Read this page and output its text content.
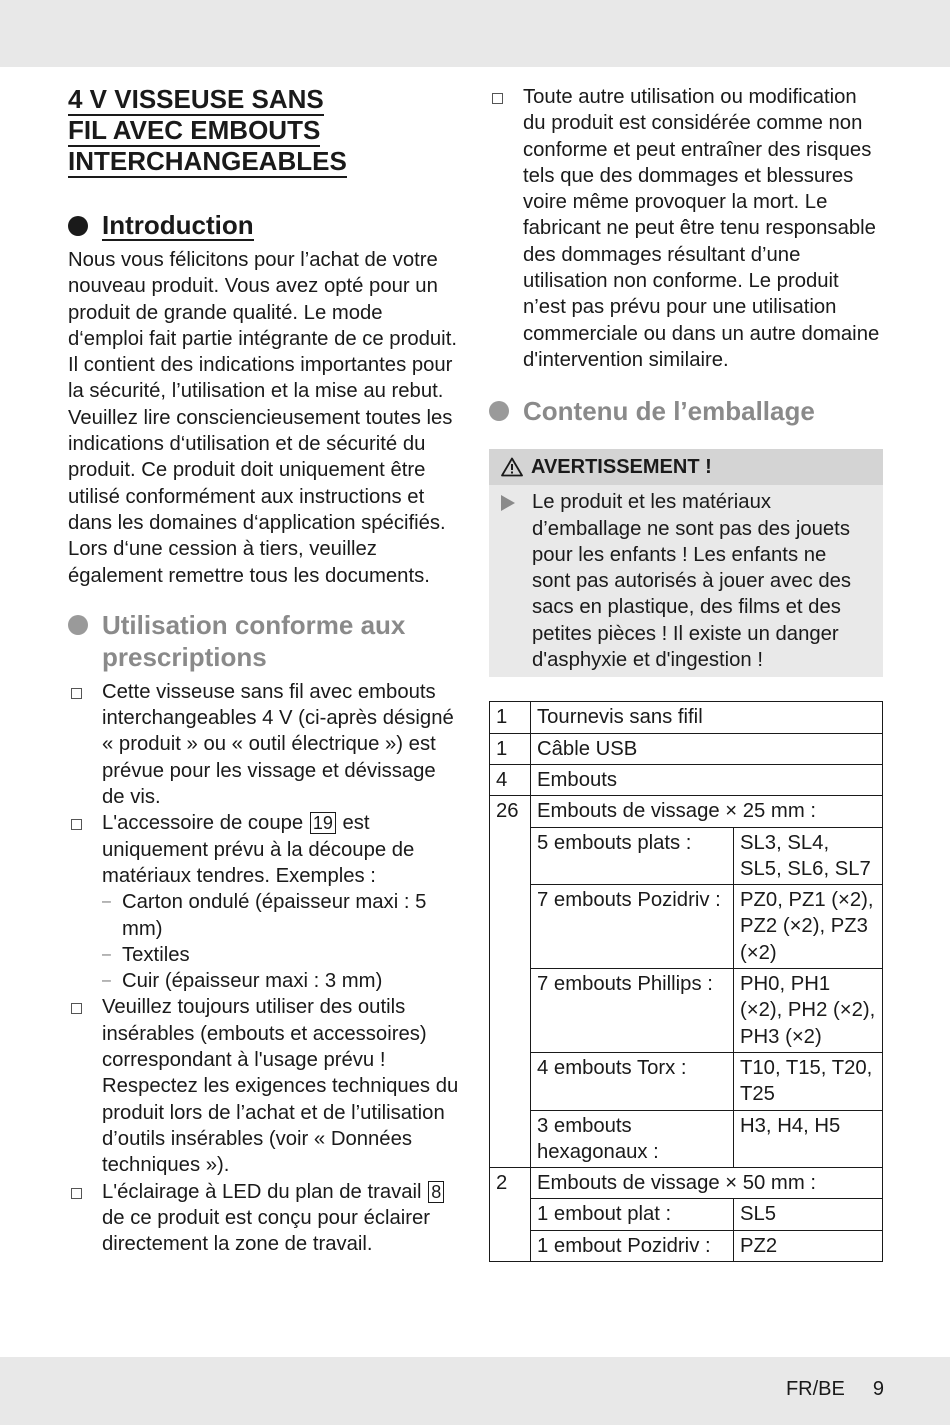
4 V VISSEUSE SANS
FIL AVEC EMBOUTS
INTERCHANGEABLES
Introduction

Nous vous félicitons pour l’achat de votre nouveau produit. Vous avez opté pour un produit de grande qualité. Le mode d‘emploi fait partie intégrante de ce produit. Il contient des indications importantes pour la sécurité, l’utilisation et la mise au rebut. Veuillez lire consciencieusement toutes les indications d‘utilisation et de sécurité du produit. Ce produit doit uniquement être utilisé conformément aux instructions et dans les domaines d‘application spécifiés. Lors d‘une cession à tiers, veuillez également remettre tous les documents.

Utilisation conforme aux
prescriptions
Cette visseuse sans fil avec embouts interchangeables 4 V (ci-après désigné « produit » ou « outil électrique ») est prévue pour les vissage et dévissage de vis.
L'accessoire de coupe 19 est uniquement prévu à la découpe de matériaux tendres. Exemples :
– Carton ondulé (épaisseur maxi : 5 mm)
– Textiles
– Cuir (épaisseur maxi : 3 mm)
Veuillez toujours utiliser des outils insérables (embouts et accessoires) correspondant à l'usage prévu ! Respectez les exigences techniques du produit lors de l’achat et de l’utilisation d’outils insérables (voir « Données techniques »).
L'éclairage à LED du plan de travail 8 de ce produit est conçu pour éclairer directement la zone de travail.
Toute autre utilisation ou modification du produit est considérée comme non conforme et peut entraîner des risques tels que des dommages et blessures voire même provoquer la mort. Le fabricant ne peut être tenu responsable des dommages résultant d’une utilisation non conforme. Le produit n’est pas prévu pour une utilisation commerciale ou dans un autre domaine d'intervention similaire.
Contenu de l’emballage
AVERTISSEMENT !
Le produit et les matériaux d’emballage ne sont pas des jouets pour les enfants ! Les enfants ne sont pas autorisés à jouer avec des sacs en plastique, des films et des petites pièces ! Il existe un danger d'asphyxie et d'ingestion !
1	Tournevis sans fifil	
1	Câble USB	
4	Embouts	
26	Embouts de vissage × 25 mm :	
	5 embouts plats :	SL3, SL4, SL5, SL6, SL7
	7 embouts Pozidriv :	PZ0, PZ1 (×2), PZ2 (×2), PZ3 (×2)
	7 embouts Phillips :	PH0, PH1 (×2), PH2 (×2), PH3 (×2)
	4 embouts Torx :	T10, T15, T20, T25
	3 embouts hexagonaux :	H3, H4, H5
2	Embouts de vissage × 50 mm :	
	1 embout plat :	SL5
	1 embout Pozidriv :	PZ2
FR/BE 9
